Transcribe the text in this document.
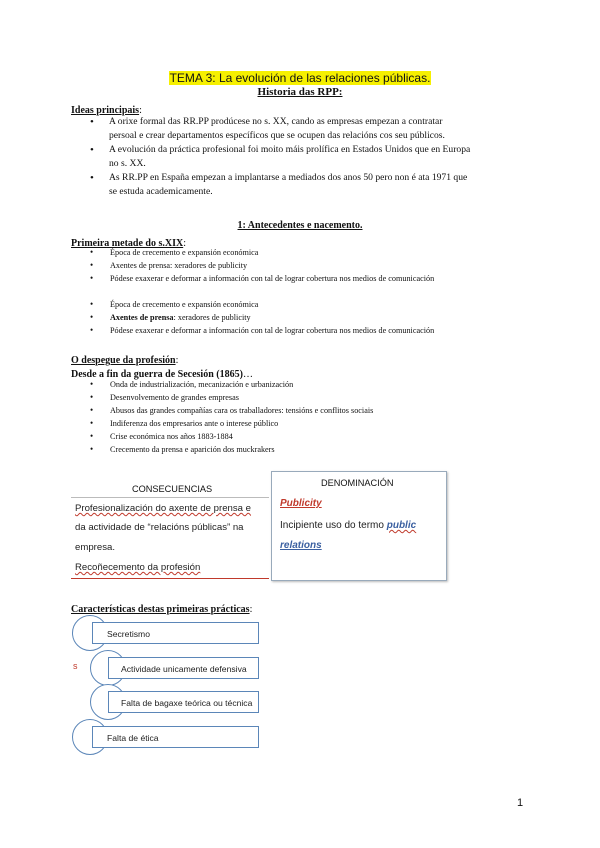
TEMA 3: La evolución de las relaciones públicas.
Historia das RPP:
Ideas principais:
• A orixe formal das RR.PP prodúcese no s. XX, cando as empresas empezan a contratar
persoal e crear departamentos específicos que se ocupen das relacións cos seu públicos.
• A evolución da práctica profesional foi moito máis prolífica en Estados Unidos que en Europa
no s. XX.
• As RR.PP en España empezan a implantarse a mediados dos anos 50 pero non é ata 1971 que
se estuda academicamente.
1: Antecedentes e nacemento.
Primeira metade do s.XIX:
• Época de crecemento e expansión económica
• Axentes de prensa: xeradores de publicity
• Pódese exaxerar e deformar a información con tal de lograr cobertura nos medios de comunicación
• Época de crecemento e expansión económica
• Axentes de prensa: xeradores de publicity
• Pódese exaxerar e deformar a información con tal de lograr cobertura nos medios de comunicación
O despegue da profesión:
Desde a fin da guerra de Secesión (1865)…
• Onda de industrialización, mecanización e urbanización
• Desenvolvemento de grandes empresas
• Abusos das grandes compañías cara os traballadores: tensións e conflitos sociais
• Indiferenza dos empresarios ante o interese público
• Crise económica nos años 1883-1884
• Crecemento da prensa e aparición dos muckrakers
CONSECUENCIAS
Profesionalización do axente de prensa e
da actividade de “relacións públicas” na
empresa.
Recoñecemento da profesión
DENOMINACIÓN
Publicity
Incipiente uso do termo public
relations
Características destas primeiras prácticas:
Secretismo
Actividade unicamente defensiva
Falta de bagaxe teórica ou técnica
Falta de ética
s
1
